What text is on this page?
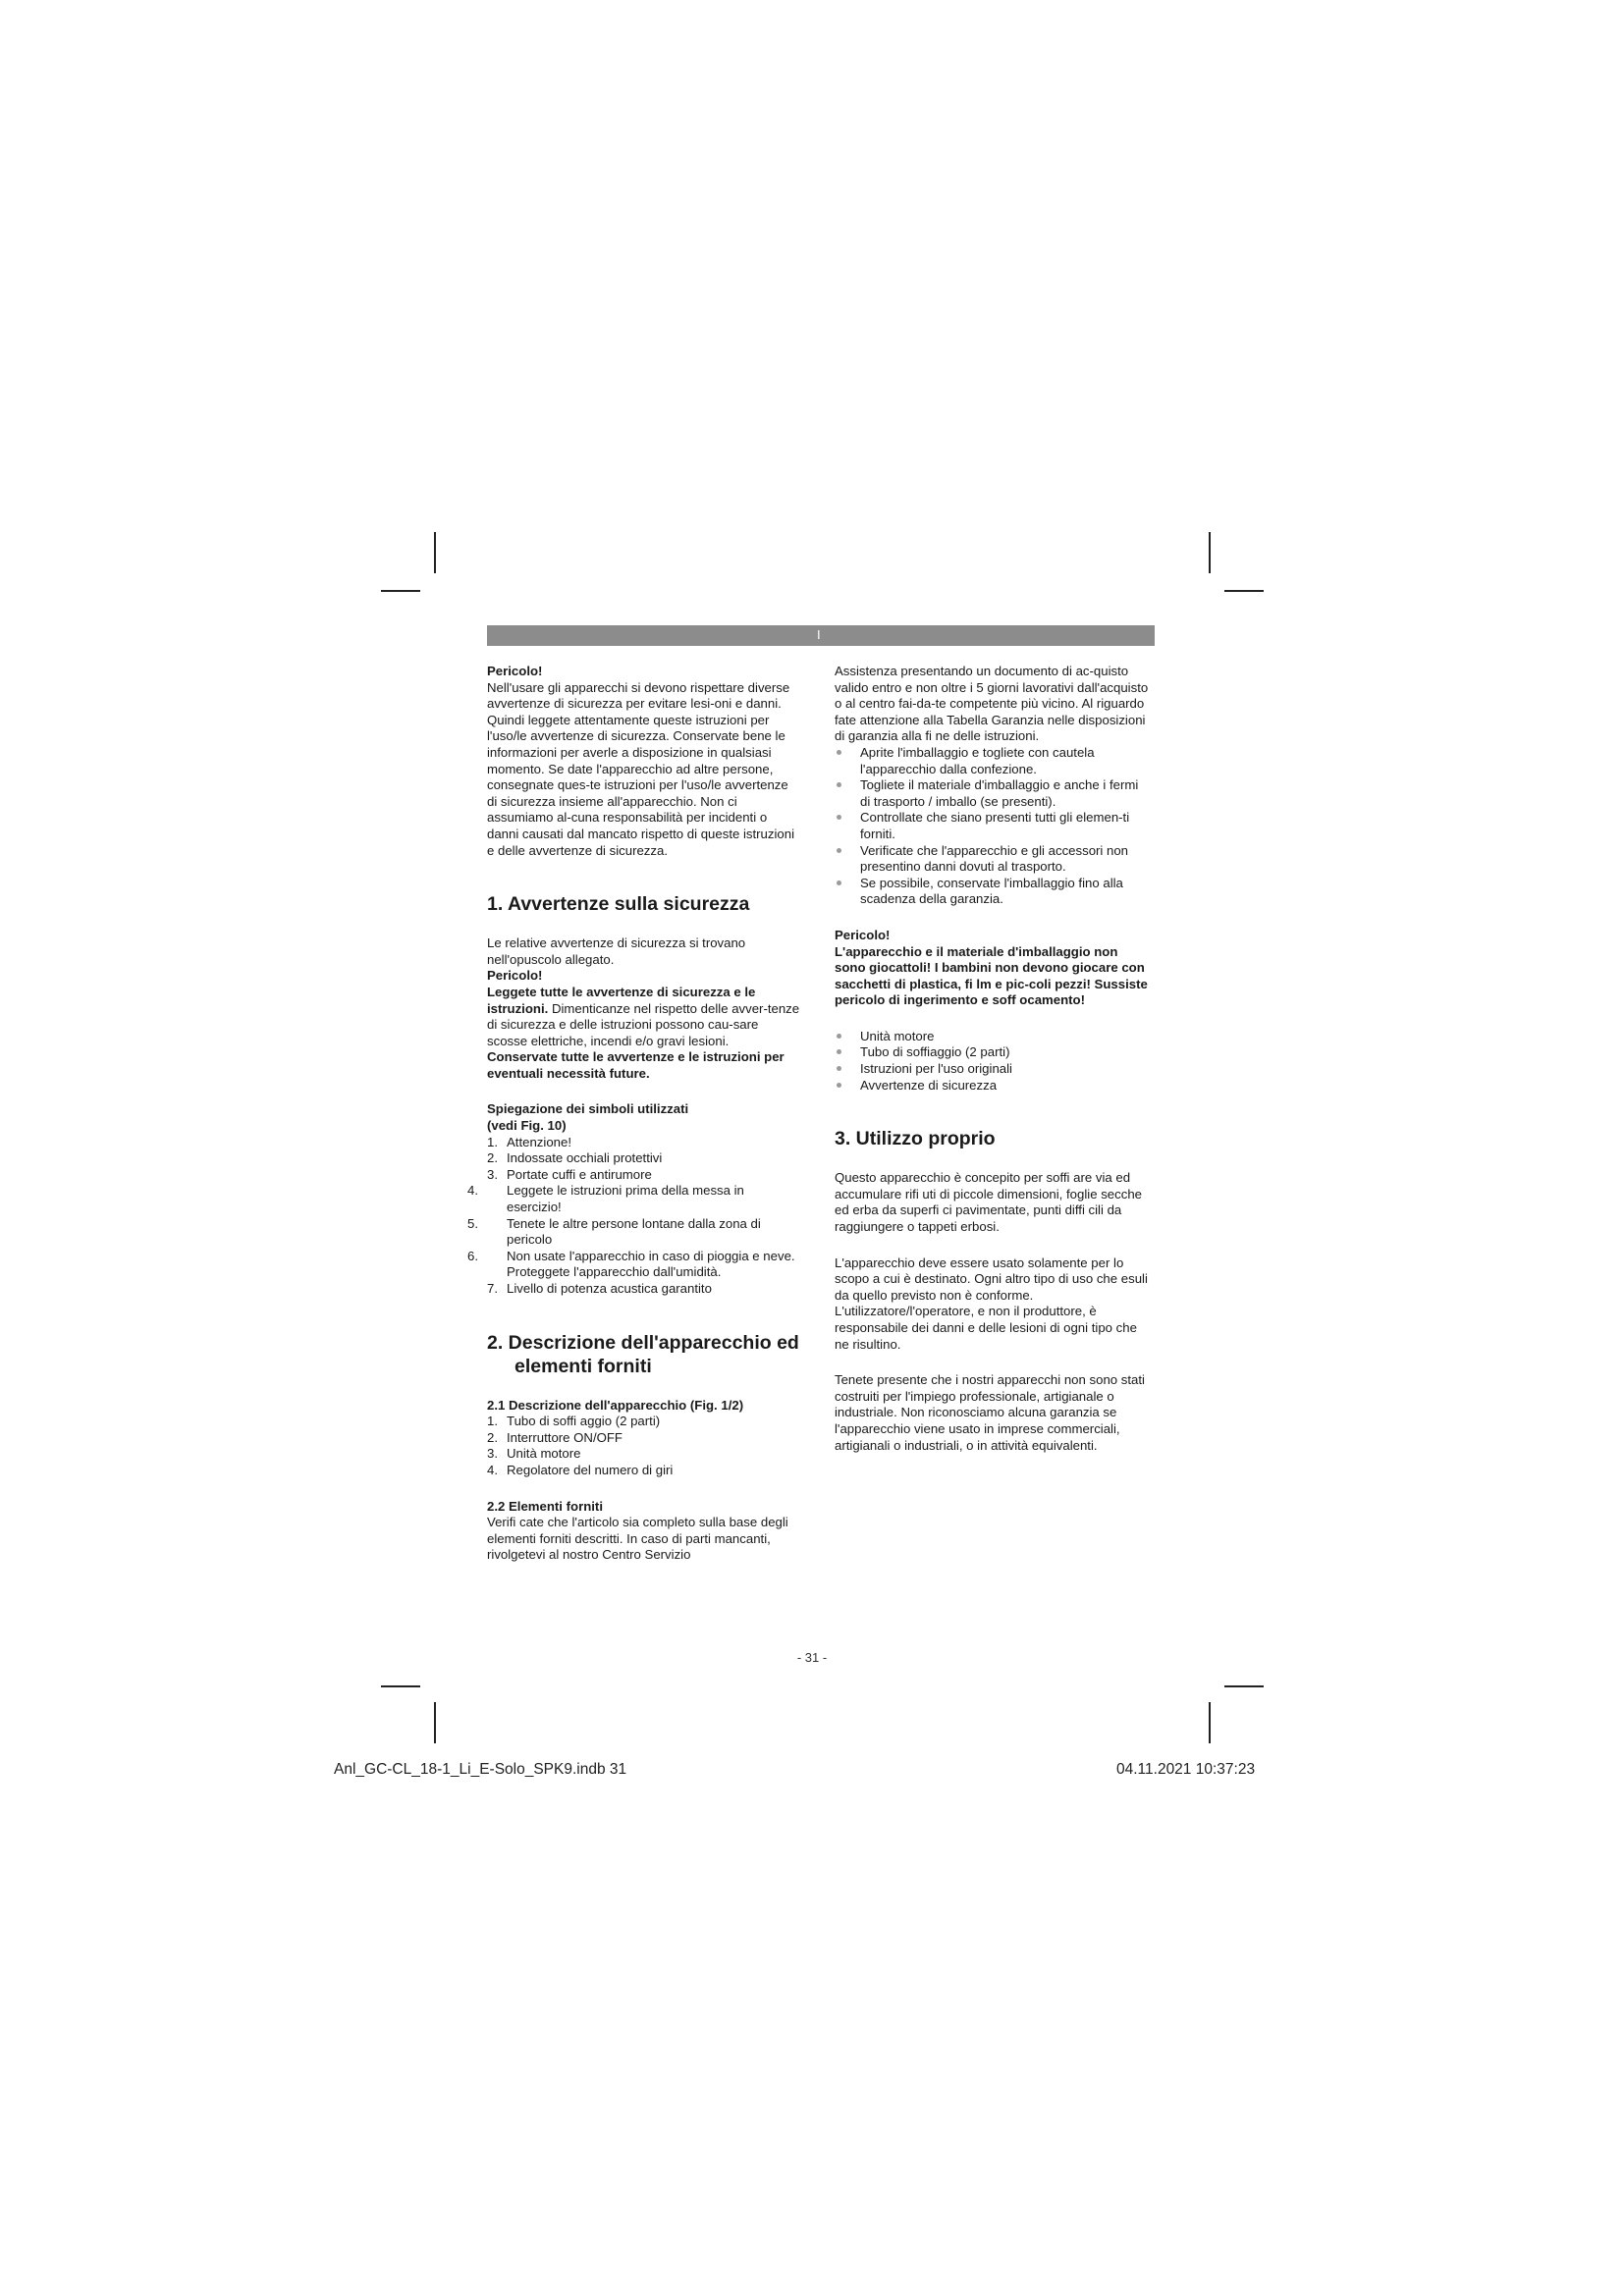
I

Pericolo!

Nell'usare gli apparecchi si devono rispettare diverse avvertenze di sicurezza per evitare lesi-oni e danni. Quindi leggete attentamente queste istruzioni per l'uso/le avvertenze di sicurezza. Conservate bene le informazioni per averle a disposizione in qualsiasi momento. Se date l'apparecchio ad altre persone, consegnate ques-te istruzioni per l'uso/le avvertenze di sicurezza insieme all'apparecchio. Non ci assumiamo al-cuna responsabilità per incidenti o danni causati dal mancato rispetto di queste istruzioni e delle avvertenze di sicurezza.

1. Avvertenze sulla sicurezza

Le relative avvertenze di sicurezza si trovano nell'opuscolo allegato.

Pericolo!

Leggete tutte le avvertenze di sicurezza e le istruzioni. Dimenticanze nel rispetto delle avver-tenze di sicurezza e delle istruzioni possono cau-sare scosse elettriche, incendi e/o gravi lesioni.

Conservate tutte le avvertenze e le istruzioni per eventuali necessità future.

Spiegazione dei simboli utilizzati

(vedi Fig. 10)

1. Attenzione!
2. Indossate occhiali protettivi
3. Portate cuffi e antirumore
4. Leggete le istruzioni prima della messa in esercizio!
5. Tenete le altre persone lontane dalla zona di pericolo
6. Non usate l'apparecchio in caso di pioggia e neve. Proteggete l'apparecchio dall'umidità.
7. Livello di potenza acustica garantito

2. Descrizione dell'apparecchio ed elementi forniti

2.1 Descrizione dell'apparecchio (Fig. 1/2)

1. Tubo di soffi aggio (2 parti)
2. Interruttore ON/OFF
3. Unità motore
4. Regolatore del numero di giri

2.2 Elementi forniti

Verifi cate che l'articolo sia completo sulla base degli elementi forniti descritti. In caso di parti mancanti, rivolgetevi al nostro Centro Servizio

Assistenza presentando un documento di ac-quisto valido entro e non oltre i 5 giorni lavorativi dall'acquisto o al centro fai-da-te competente più vicino. Al riguardo fate attenzione alla Tabella Garanzia nelle disposizioni di garanzia alla fi ne delle istruzioni.

Aprite l'imballaggio e togliete con cautela l'apparecchio dalla confezione.
Togliete il materiale d'imballaggio e anche i fermi di trasporto / imballo (se presenti).
Controllate che siano presenti tutti gli elemen-ti forniti.
Verificate che l'apparecchio e gli accessori non presentino danni dovuti al trasporto.
Se possibile, conservate l'imballaggio fino alla scadenza della garanzia.

Pericolo!

L'apparecchio e il materiale d'imballaggio non sono giocattoli! I bambini non devono giocare con sacchetti di plastica, fi lm e pic-coli pezzi! Sussiste pericolo di ingerimento e soff ocamento!

Unità motore
Tubo di soffiaggio (2 parti)
Istruzioni per l'uso originali
Avvertenze di sicurezza

3. Utilizzo proprio

Questo apparecchio è concepito per soffi are via ed accumulare rifi uti di piccole dimensioni, foglie secche ed erba da superfi ci pavimentate, punti diffi cili da raggiungere o tappeti erbosi.

L'apparecchio deve essere usato solamente per lo scopo a cui è destinato. Ogni altro tipo di uso che esuli da quello previsto non è conforme. L'utilizzatore/l'operatore, e non il produttore, è responsabile dei danni e delle lesioni di ogni tipo che ne risultino.

Tenete presente che i nostri apparecchi non sono stati costruiti per l'impiego professionale, artigianale o industriale. Non riconosciamo alcuna garanzia se l'apparecchio viene usato in imprese commerciali, artigianali o industriali, o in attività equivalenti.

- 31 -
Anl_GC-CL_18-1_Li_E-Solo_SPK9.indb 31	04.11.2021 10:37:23
